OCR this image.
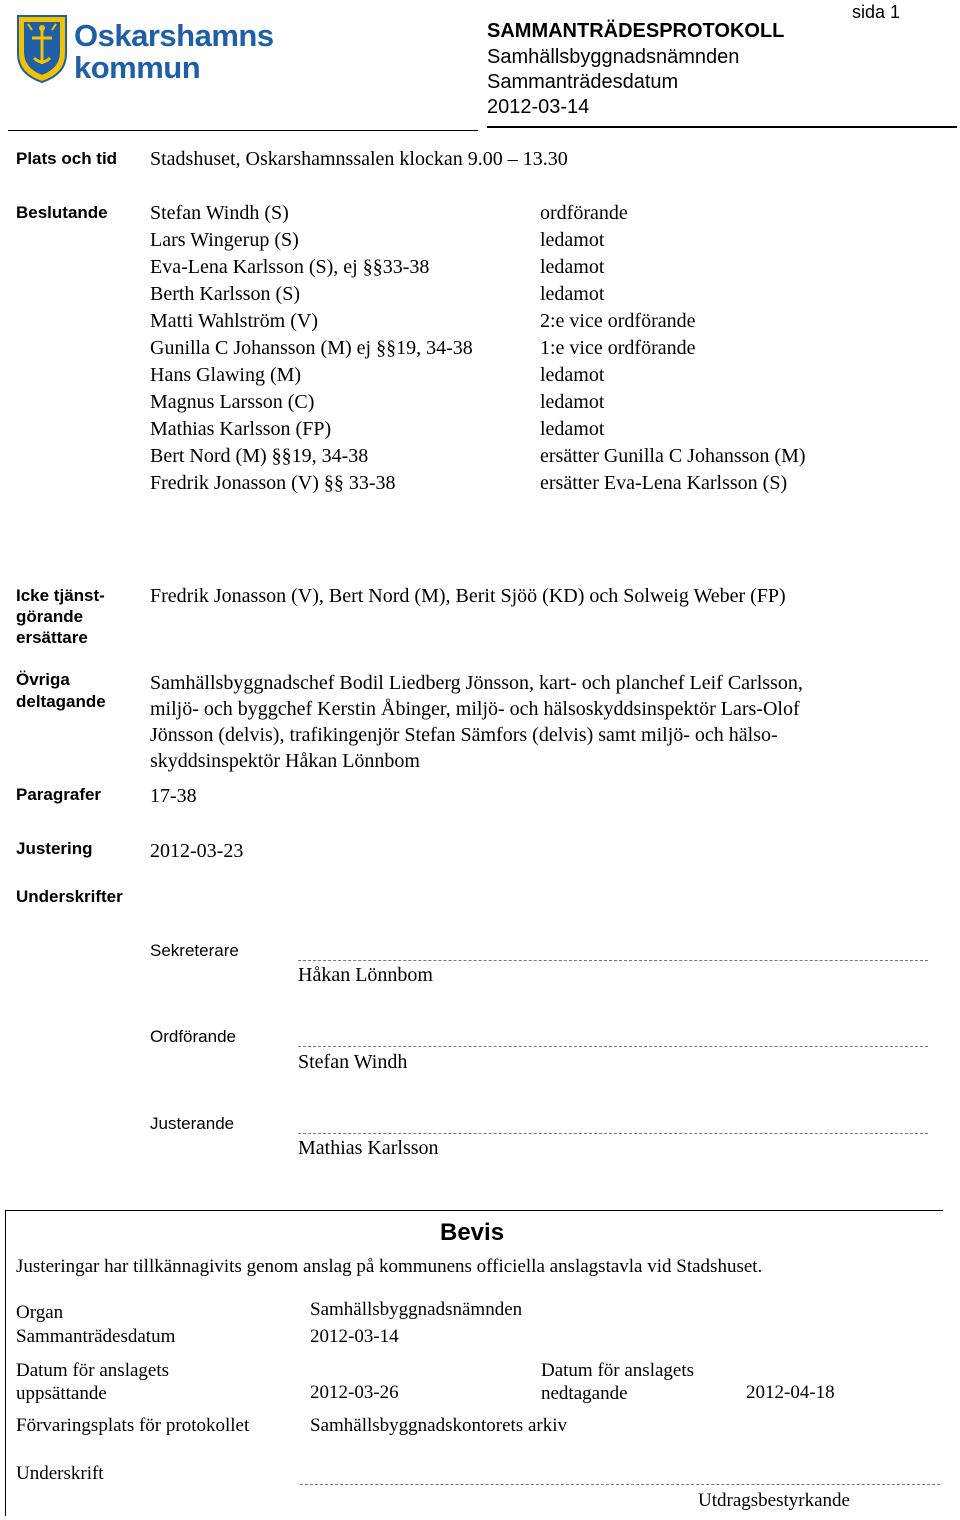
Oskarshamns
kommun
SAMMANTRÄDESPROTOKOLL
Samhällsbyggnadsnämnden
Sammanträdesdatum
2012-03-14
sida 1
Plats och tid Stadshuset, Oskarshamnssalen klockan 9.00 – 13.30
Beslutande Stefan Windh (S)	ordförande
Lars Wingerup (S)	ledamot
Eva-Lena Karlsson (S), ej §§33-38	ledamot
Berth Karlsson (S)	ledamot
Matti Wahlström (V)	2:e vice ordförande
Gunilla C Johansson (M) ej §§19, 34-38	1:e vice ordförande
Hans Glawing (M)	ledamot
Magnus Larsson (C)	ledamot
Mathias Karlsson (FP)	ledamot
Bert Nord (M) §§19, 34-38	ersätter Gunilla C Johansson (M)
Fredrik Jonasson (V) §§ 33-38	ersätter Eva-Lena Karlsson (S)
Icke tjänst-
görande
ersättare
Fredrik Jonasson (V), Bert Nord (M), Berit Sjöö (KD) och Solweig Weber (FP)
Övriga
deltagande
Samhällsbyggnadschef Bodil Liedberg Jönsson, kart- och planchef Leif Carlsson,
miljö- och byggchef Kerstin Åbinger, miljö- och hälsoskyddsinspektör Lars-Olof
Jönsson (delvis), trafikingenjör Stefan Sämfors (delvis) samt miljö- och hälso-
skyddsinspektör Håkan Lönnbom
Paragrafer 17-38
Justering	2012-03-23
Underskrifter
Sekreterare
Håkan Lönnbom
Ordförande
Stefan Windh
Justerande
Mathias Karlsson
Bevis
Justeringar har tillkännagivits genom anslag på kommunens officiella anslagstavla vid Stadshuset.
Organ	Samhällsbyggnadsnämnden
Sammanträdesdatum	2012-03-14
Datum för anslagets
uppsättande	2012-03-26
Datum för anslagets
nedtagande	2012-04-18
Förvaringsplats för protokollet	Samhällsbyggnadskontorets arkiv
Underskrift
Utdragsbestyrkande
